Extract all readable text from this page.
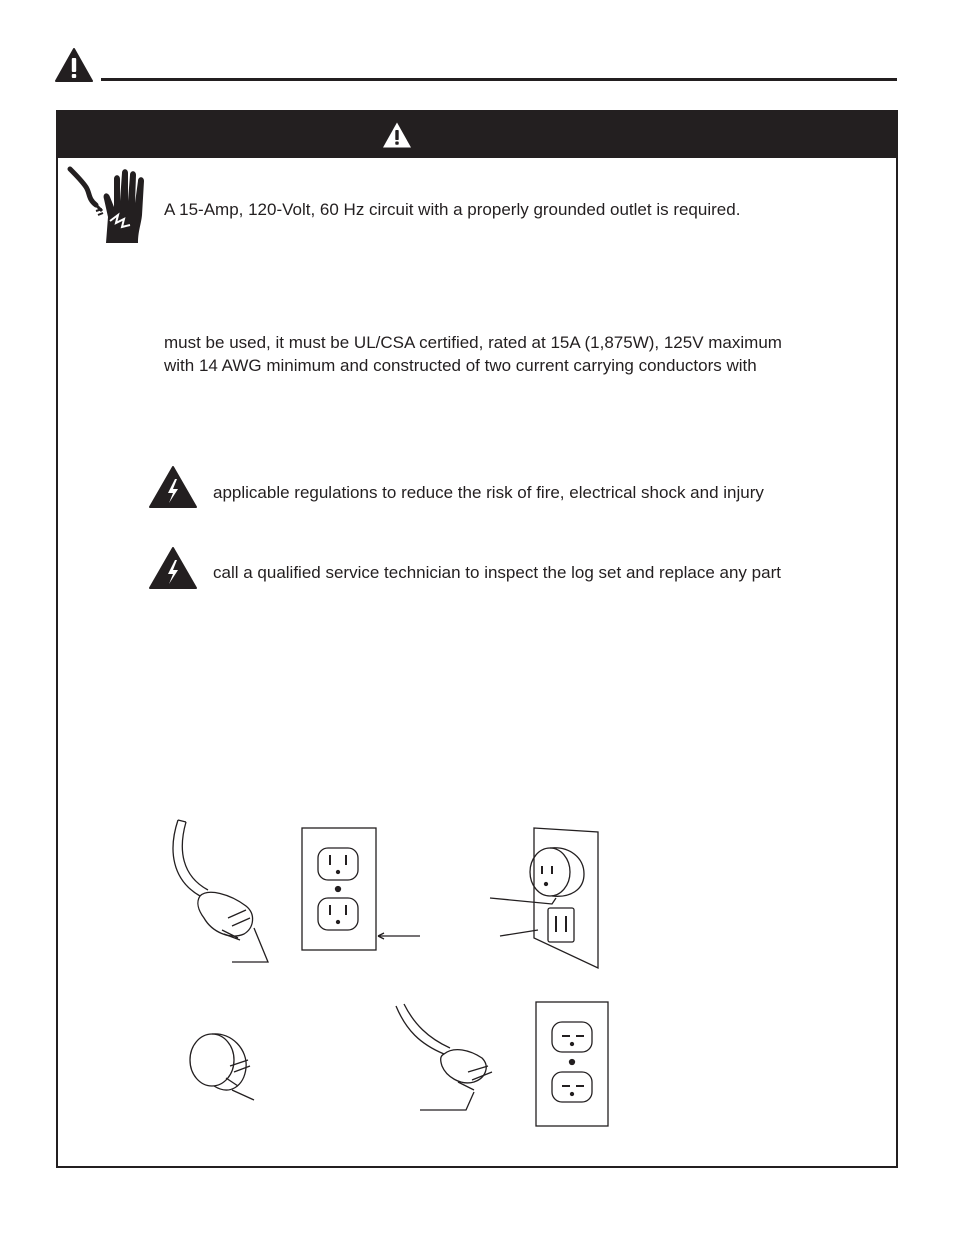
A 15-Amp, 120-Volt, 60 Hz circuit with a properly grounded outlet is required.
must be used, it must be UL/CSA certified, rated at 15A (1,875W), 125V maximum
with 14 AWG minimum and constructed of two current carrying conductors with
applicable regulations to reduce the risk of fire, electrical shock and injury
call a qualified service technician to inspect the log set and replace any part
